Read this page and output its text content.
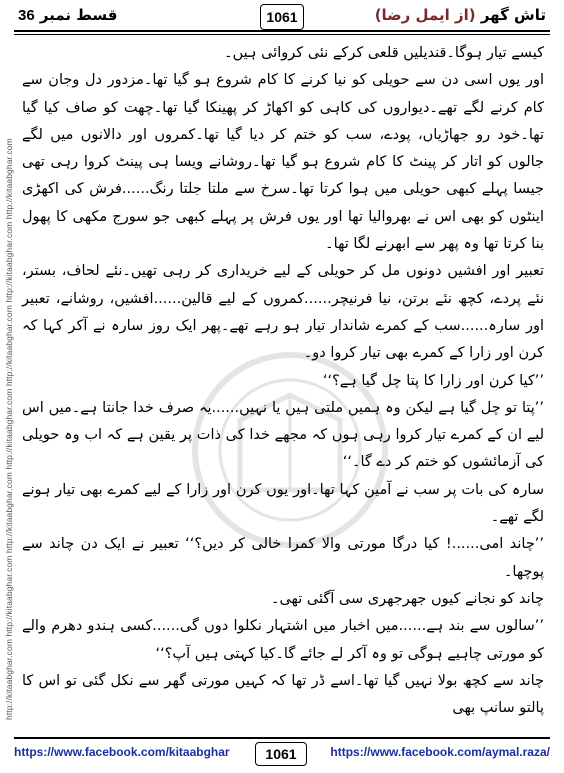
قسط نمبر 36	1061	تاش گھر (از ایمل رضا)
http://kitaabghar.com http://kitaabghar.com http://kitaabghar.com http://kitaabghar.com http://kitaabghar.com http://kitaabghar.com http://kitaabghar.com

کیسے تیار ہوگا۔قندیلیں قلعی کرکے نئی کروائی ہیں۔

اور یوں اسی دن سے حویلی کو نیا کرنے کا کام شروع ہو گیا تھا۔مزدور دل وجان سے کام کرنے لگے تھے۔دیواروں کی کاہی کو اکھاڑ کر پھینکا گیا تھا۔چھت کو صاف کیا گیا تھا۔خود رو جھاڑیاں، پودے، سب کو ختم کر دیا گیا تھا۔کمروں اور دالانوں میں لگے جالوں کو اتار کر پینٹ کا کام شروع ہو گیا تھا۔روشانے ویسا ہی پینٹ کروا رہی تھی جیسا پہلے کبھی حویلی میں ہوا کرتا تھا۔سرخ سے ملتا جلتا رنگ......فرش کی اکھڑی اینٹوں کو بھی اس نے بھروالیا تھا اور یوں فرش پر پہلے کبھی جو سورج مکھی کا پھول بنا کرتا تھا وہ پھر سے ابھرنے لگا تھا۔

تعبیر اور افشیں دونوں مل کر حویلی کے لیے خریداری کر رہی تھیں۔نئے لحاف، بستر، نئے پردے، کچھ نئے برتن، نیا فرنیچر......کمروں کے لیے قالین......افشیں، روشانے، تعبیر اور سارہ......سب کے کمرے شاندار تیار ہو رہے تھے۔پھر ایک روز سارہ نے آکر کہا کہ کرن اور زارا کے کمرے بھی تیار کروا دو۔

’’کیا کرن اور زارا کا پتا چل گیا ہے؟‘‘

’’پتا تو چل گیا ہے لیکن وہ ہمیں ملتی ہیں یا نہیں......یہ صرف خدا جانتا ہے۔میں اس لیے ان کے کمرے تیار کروا رہی ہوں کہ مجھے خدا کی ذات پر یقین ہے کہ اب وہ حویلی کی آزمائشوں کو ختم کر دے گا۔‘‘

سارہ کی بات پر سب نے آمین کہا تھا۔اور یوں کرن اور زارا کے لیے کمرے بھی تیار ہونے لگے تھے۔

’’چاند امی......! کیا درگا مورتی والا کمرا خالی کر دیں؟‘‘ تعبیر نے ایک دن چاند سے پوچھا۔

چاند کو نجانے کیوں جھرجھری سی آگئی تھی۔

’’سالوں سے بند ہے......میں اخبار میں اشتہار نکلوا دوں گی......کسی ہندو دھرم والے کو مورتی چاہیے ہوگی تو وہ آکر لے جائے گا۔کیا کہتی ہیں آپ؟‘‘

چاند سے کچھ بولا نہیں گیا تھا۔اسے ڈر تھا کہ کہیں مورتی گھر سے نکل گئی تو اس کا پالتو سانپ بھی

https://www.facebook.com/kitaabghar	1061	https://www.facebook.com/aymal.raza/
